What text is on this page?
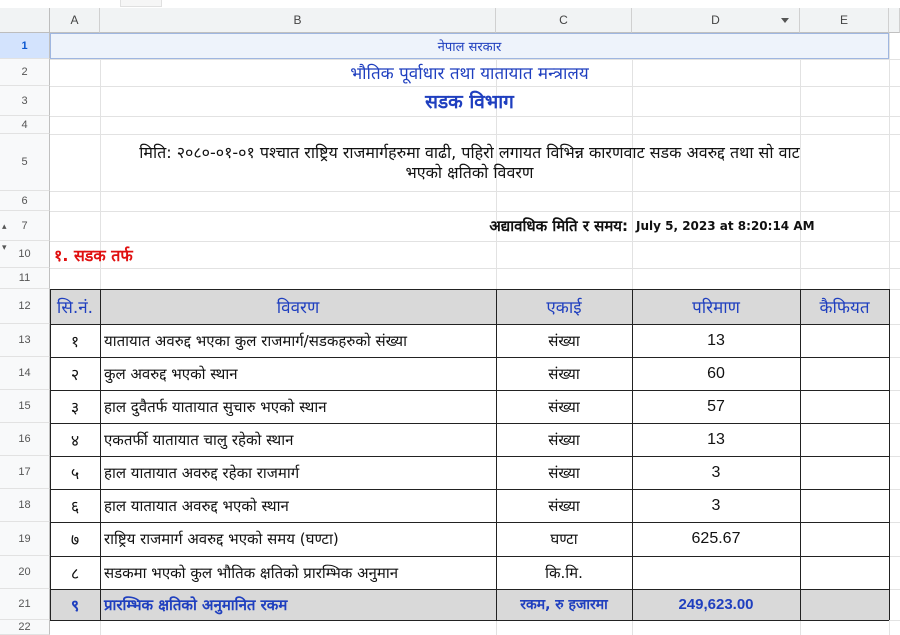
A	B	C	D	E
1
2
3
4
5
6
7
10
11
12
13
14
15
16
17
18
19
20
21
22
▴
▾
नेपाल सरकार
भौतिक पूर्वाधार तथा यातायात मन्त्रालय
सडक विभाग
मिति: २०८०-०१-०१ पश्चात राष्ट्रिय राजमार्गहरुमा वाढी, पहिरो लगायत विभिन्न कारणवाट सडक अवरुद्द तथा सो वाट
भएको क्षतिको विवरण
अद्यावधिक मिति र समय: July 5, 2023 at 8:20:14 AM
१. सडक तर्फ
सि.नं.	विवरण	एकाई	परिमाण	कैफियत
१ यातायात अवरुद्द भएका कुल राजमार्ग/सडकहरुको संख्या	संख्या	13
२ कुल अवरुद्द भएको स्थान	संख्या	60
३ हाल दुवैतर्फ यातायात सुचारु भएको स्थान	संख्या	57
४ एकतर्फी यातायात चालु रहेको स्थान	संख्या	13
५ हाल यातायात अवरुद्द रहेका राजमार्ग	संख्या	3
६ हाल यातायात अवरुद्द भएको स्थान	संख्या	3
७ राष्ट्रिय राजमार्ग अवरुद्द भएको समय (घण्टा)	घण्टा	625.67
८ सडकमा भएको कुल भौतिक क्षतिको प्रारम्भिक अनुमान	कि.मि.
९ प्रारम्भिक क्षतिको अनुमानित रकम	रकम, रु हजारमा	249,623.00
